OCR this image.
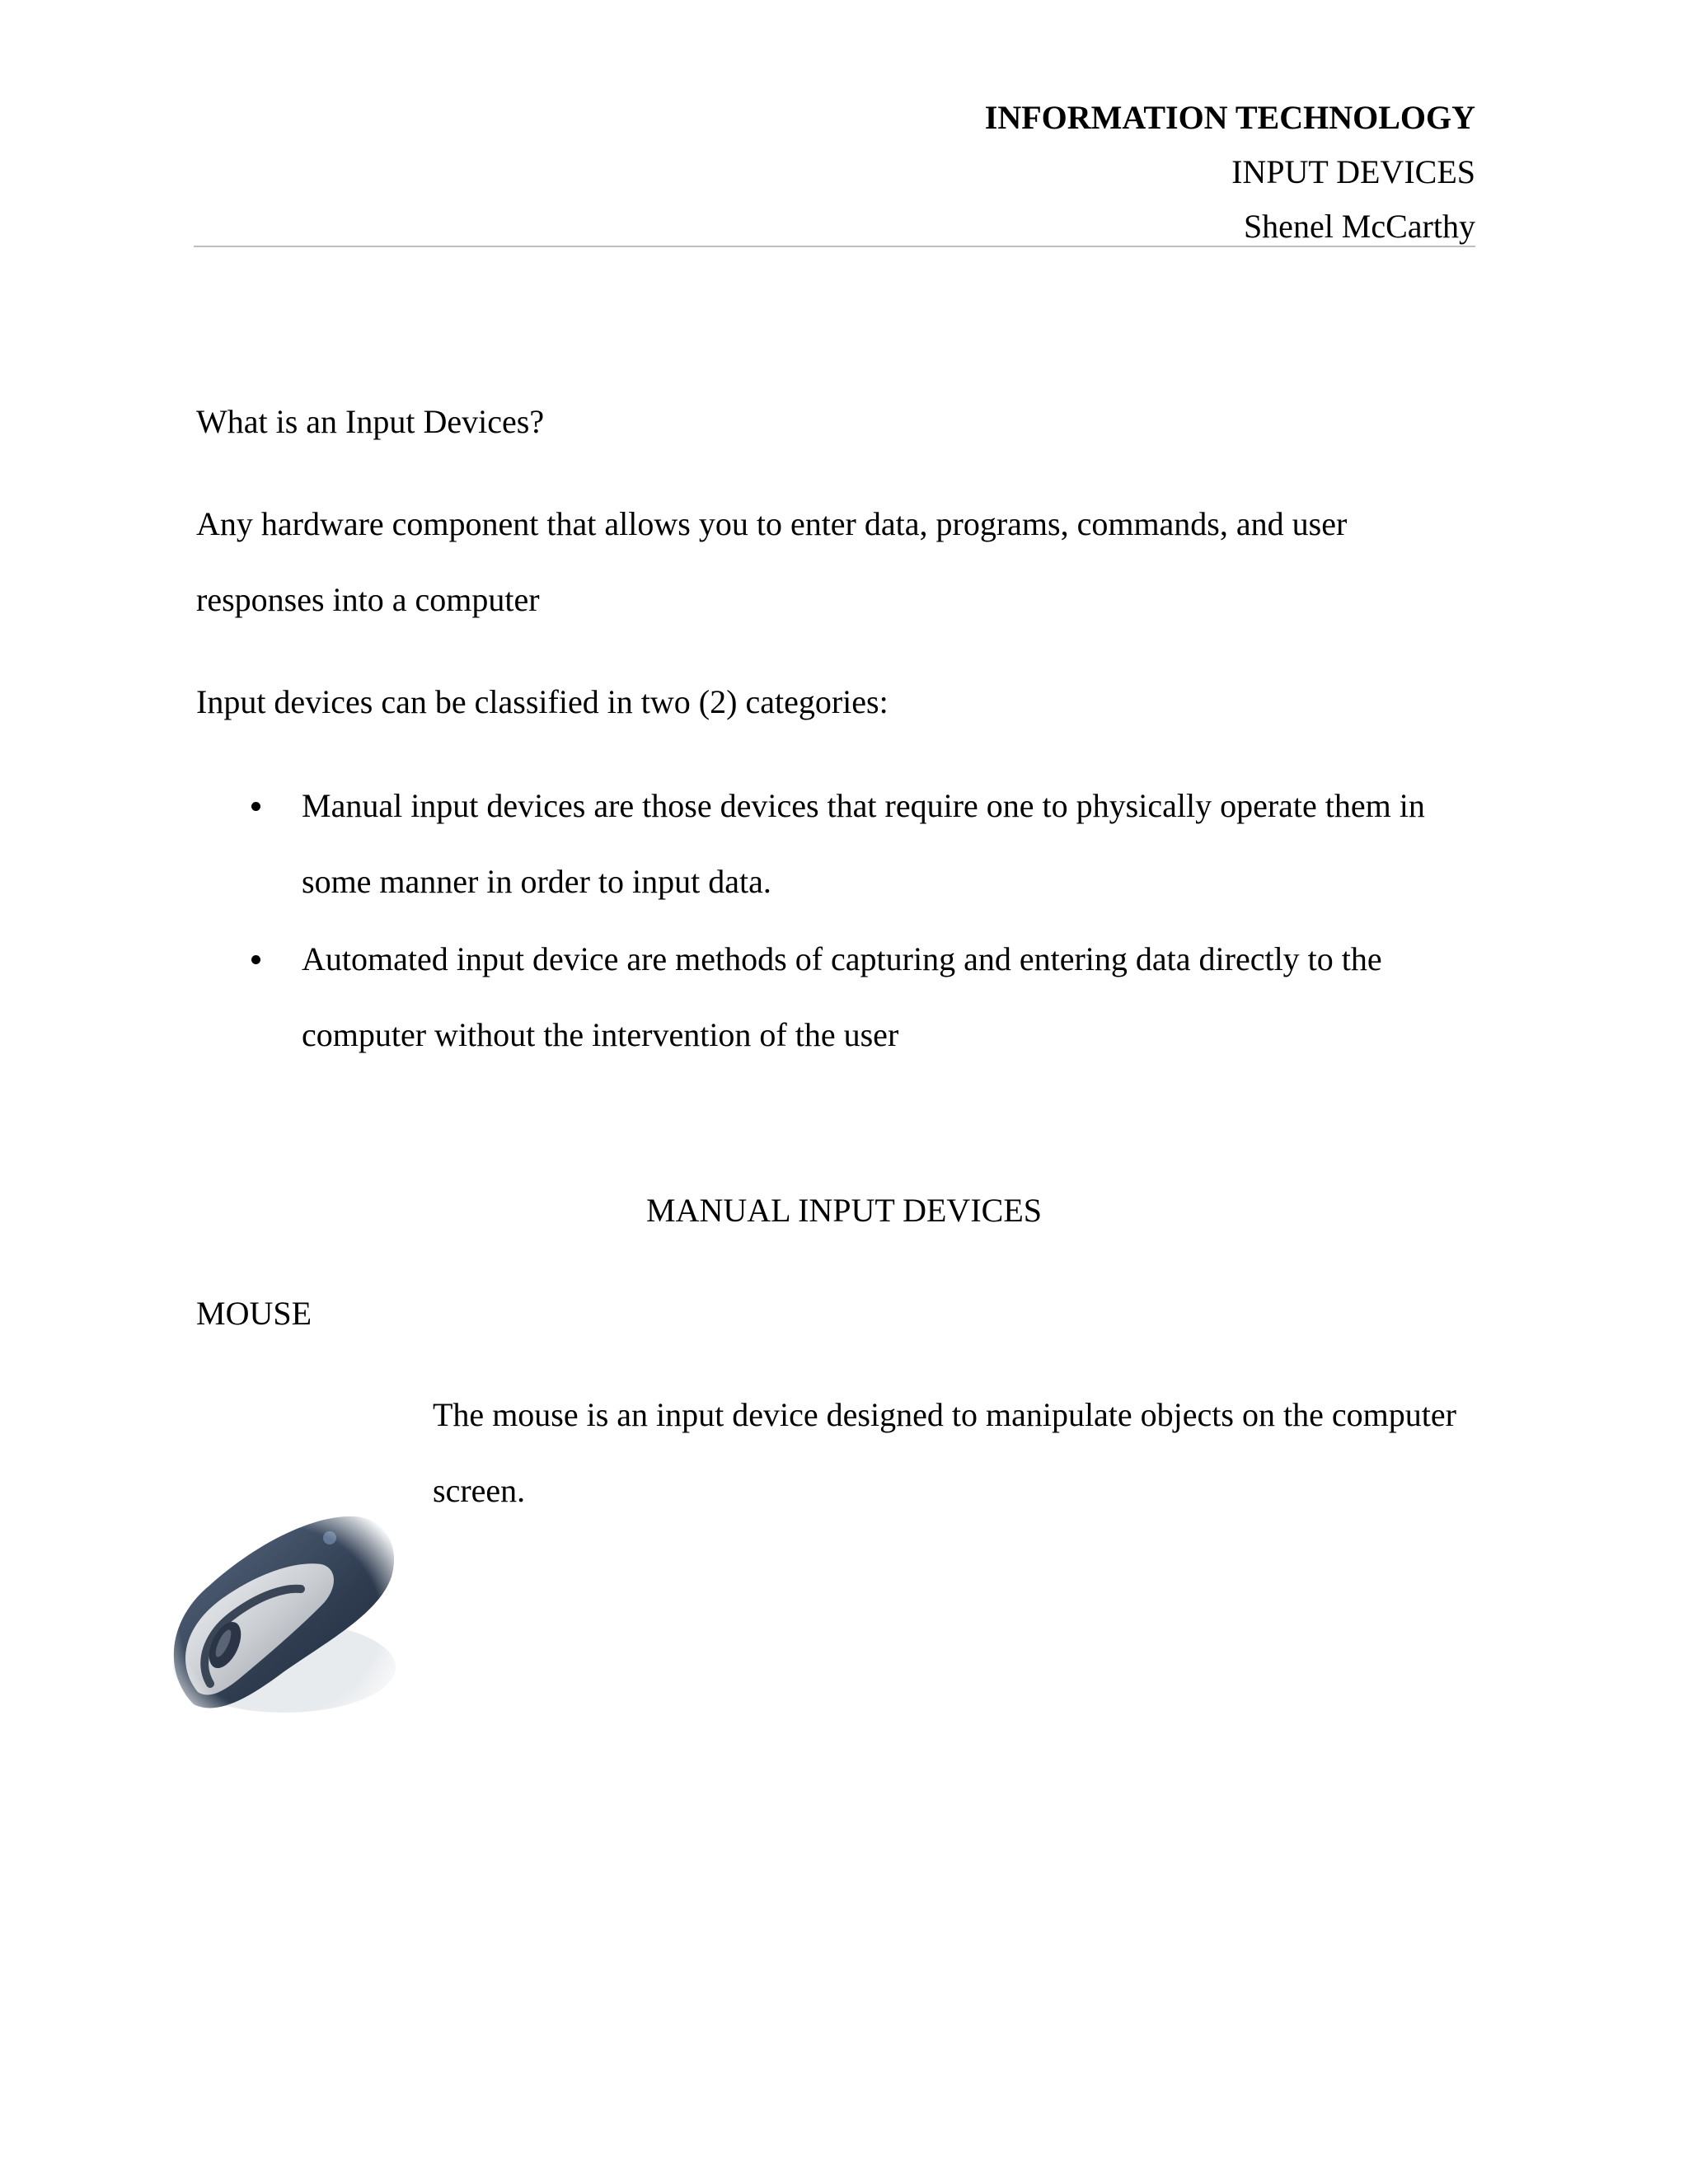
INFORMATION TECHNOLOGY
INPUT DEVICES
Shenel McCarthy
What is an Input Devices?
Any hardware component that allows you to enter data, programs, commands, and user
responses into a computer
Input devices can be classified in two (2) categories:
Manual input devices are those devices that require one to physically operate them in
some manner in order to input data.
Automated input device are methods of capturing and entering data directly to the
computer without the intervention of the user
MANUAL INPUT DEVICES
MOUSE
The mouse is an input device designed to manipulate objects on the computer
screen.
